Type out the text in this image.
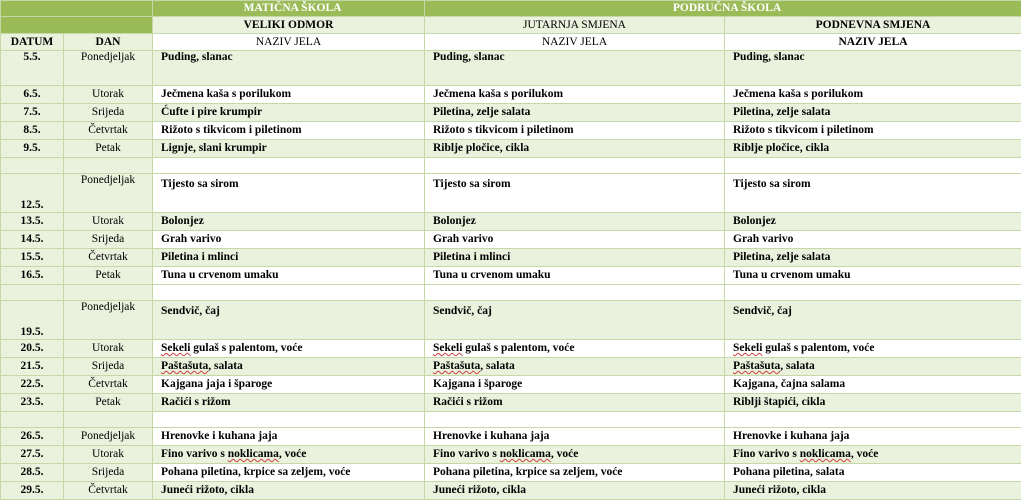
		MATIČNA ŠKOLA	PODRUČNA ŠKOLA	
		VELIKI ODMOR	JUTARNJA SMJENA	PODNEVNA SMJENA
DATUM	DAN	NAZIV JELA	NAZIV JELA	NAZIV JELA
5.5.	Ponedjeljak	Puding, slanac	Puding, slanac	Puding, slanac
6.5.	Utorak	Ječmena kaša s porilukom	Ječmena kaša s porilukom	Ječmena kaša s porilukom
7.5.	Srijeda	Ćufte i pire krumpir	Piletina, zelje salata	Piletina, zelje salata
8.5.	Četvrtak	Rižoto s tikvicom i piletinom	Rižoto s tikvicom i piletinom	Rižoto s tikvicom i piletinom
9.5.	Petak	Lignje, slani krumpir	Riblje pločice, cikla	Riblje pločice, cikla

12.5.	Ponedjeljak	Tijesto sa sirom	Tijesto sa sirom	Tijesto sa sirom
13.5.	Utorak	Bolonjez	Bolonjez	Bolonjez
14.5.	Srijeda	Grah varivo	Grah varivo	Grah varivo
15.5.	Četvrtak	Piletina i mlinci	Piletina i mlinci	Piletina, zelje salata
16.5.	Petak	Tuna u crvenom umaku	Tuna u crvenom umaku	Tuna u crvenom umaku

19.5.	Ponedjeljak	Sendvič, čaj	Sendvič, čaj	Sendvič, čaj
20.5.	Utorak	Sekeli gulaš s palentom, voće	Sekeli gulaš s palentom, voće	Sekeli gulaš s palentom, voće
21.5.	Srijeda	Paštašuta, salata	Paštašuta, salata	Paštašuta, salata
22.5.	Četvrtak	Kajgana jaja i šparoge	Kajgana i šparoge	Kajgana, čajna salama
23.5.	Petak	Račići s rižom	Račići s rižom	Riblji štapići, cikla

26.5.	Ponedjeljak	Hrenovke i kuhana jaja	Hrenovke i kuhana jaja	Hrenovke i kuhana jaja
27.5.	Utorak	Fino varivo s noklicama, voće	Fino varivo s noklicama, voće	Fino varivo s noklicama, voće
28.5.	Srijeda	Pohana piletina, krpice sa zeljem, voće	Pohana piletina, krpice sa zeljem, voće	Pohana piletina, salata
29.5.	Četvrtak	Juneći rižoto, cikla	Juneći rižoto, cikla	Juneći rižoto, cikla
